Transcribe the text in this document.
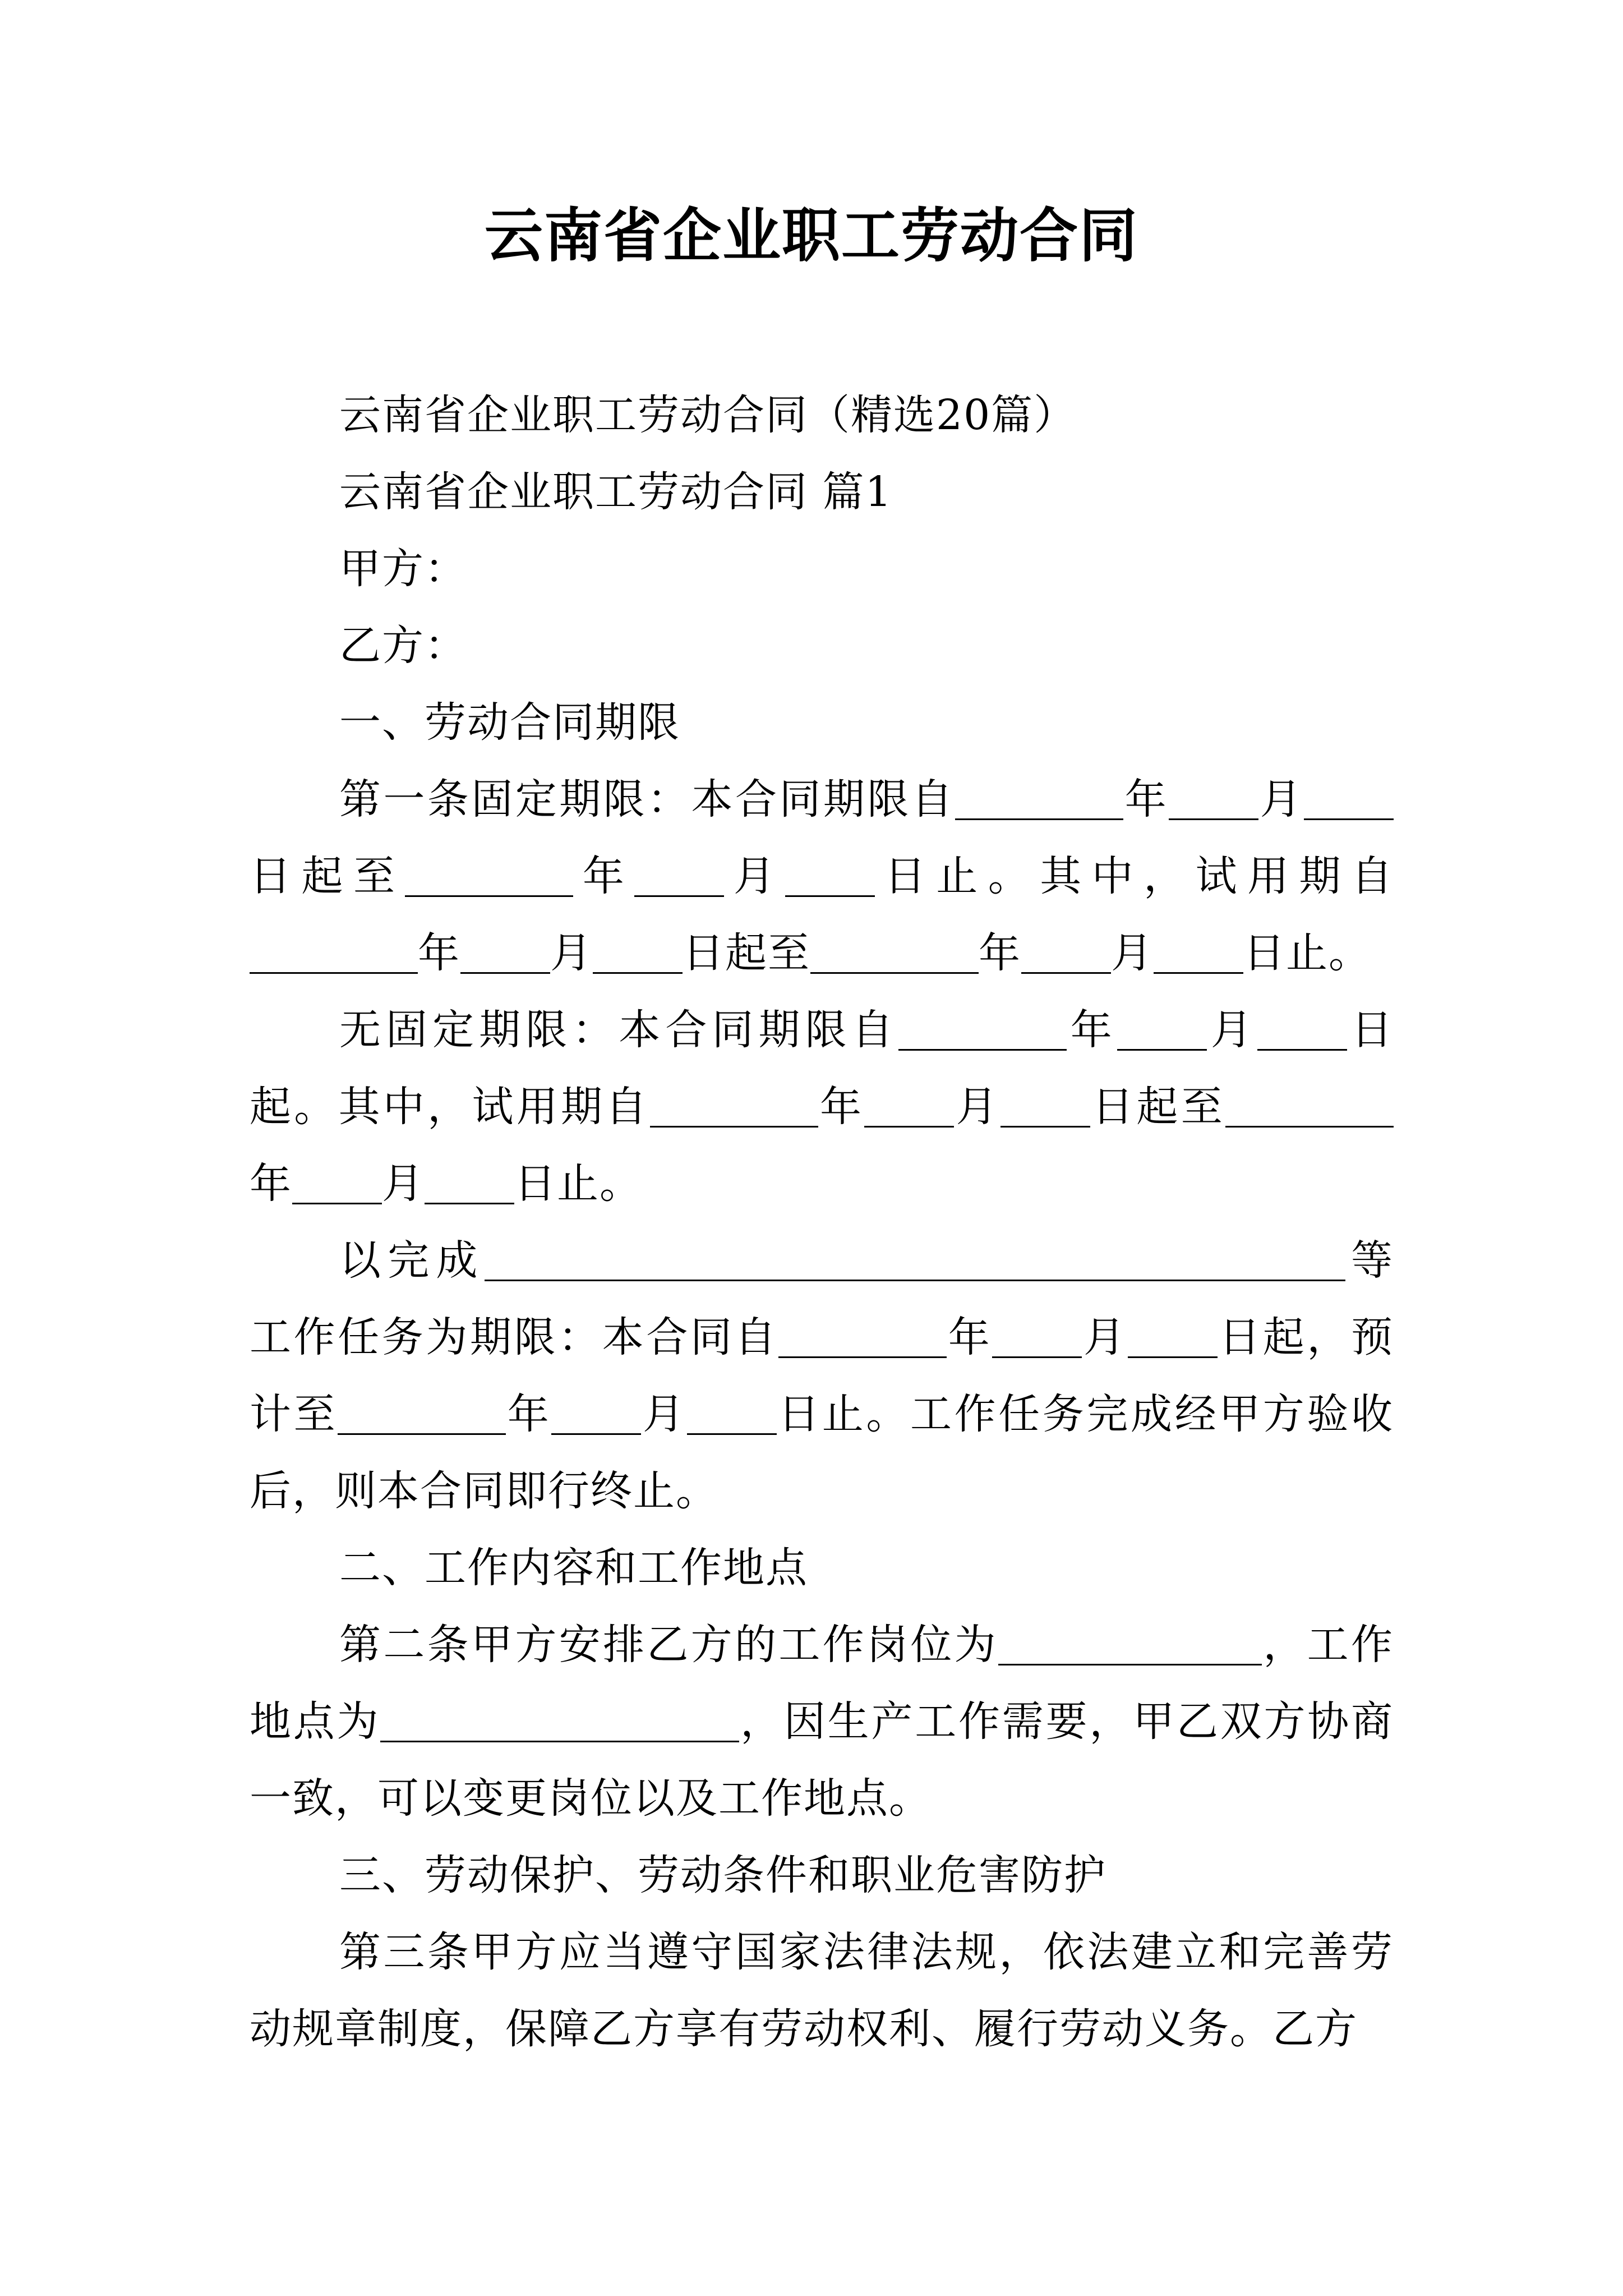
云南省企业职工劳动合同

云南省企业职工劳动合同（精选20篇）

云南省企业职工劳动合同 篇1

甲方：

乙方：

一、劳动合同期限

第一条固定期限：本合同期限自	年 月日起至	年 月 日止。其中，试用期自年 月 日起至	年 月 日止。

无固定期限：本合同期限自	年 月 日起。其中，试用期自	年 月 日起至年 月 日止。

以完成	等工作任务为期限：本合同自	年 月 日起，预计至	年 月 日止。工作任务完成经甲方验收后，则本合同即行终止。

二、工作内容和工作地点

第二条甲方安排乙方的工作岗位为	，工作地点为	，因生产工作需要，甲乙双方协商一致，可以变更岗位以及工作地点。

三、劳动保护、劳动条件和职业危害防护

第三条甲方应当遵守国家法律法规，依法建立和完善劳动规章制度，保障乙方享有劳动权利、履行劳动义务。乙方
